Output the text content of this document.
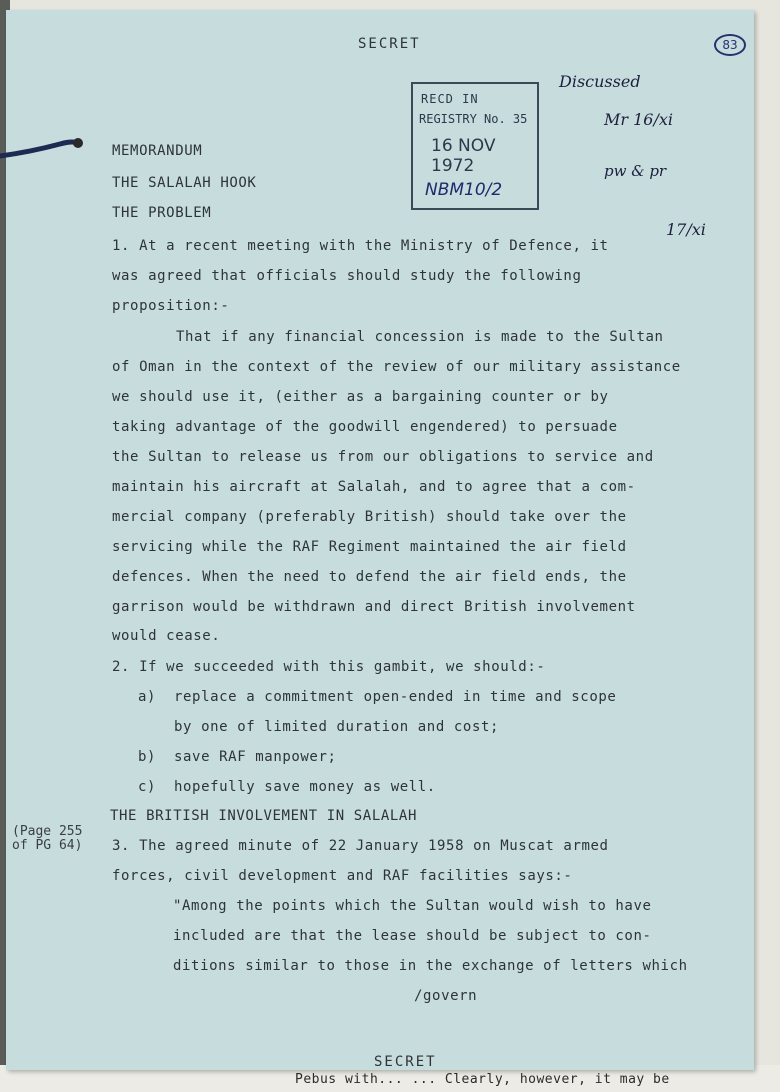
Pebus with... ... Clearly, however, it may be
SECRET	83
RECD IN
REGISTRY No. 35
16 NOV 1972
NBM10/2
Discussed
Mr 16/xi
pw & pr
17/xi
MEMORANDUM
THE SALALAH HOOK
THE PROBLEM
1. At a recent meeting with the Ministry of Defence, it
was agreed that officials should study the following
proposition:-
That if any financial concession is made to the Sultan
of Oman in the context of the review of our military assistance
we should use it, (either as a bargaining counter or by
taking advantage of the goodwill engendered) to persuade
the Sultan to release us from our obligations to service and
maintain his aircraft at Salalah, and to agree that a com-
mercial company (preferably British) should take over the
servicing while the RAF Regiment maintained the air field
defences. When the need to defend the air field ends, the
garrison would be withdrawn and direct British involvement
would cease.
2. If we succeeded with this gambit, we should:-
a) replace a commitment open-ended in time and scope
by one of limited duration and cost;
b) save RAF manpower;
c) hopefully save money as well.
THE BRITISH INVOLVEMENT IN SALALAH
3. The agreed minute of 22 January 1958 on Muscat armed
forces, civil development and RAF facilities says:-
"Among the points which the Sultan would wish to have
included are that the lease should be subject to con-
ditions similar to those in the exchange of letters which
/govern
SECRET
(Page 255
of PG 64)
